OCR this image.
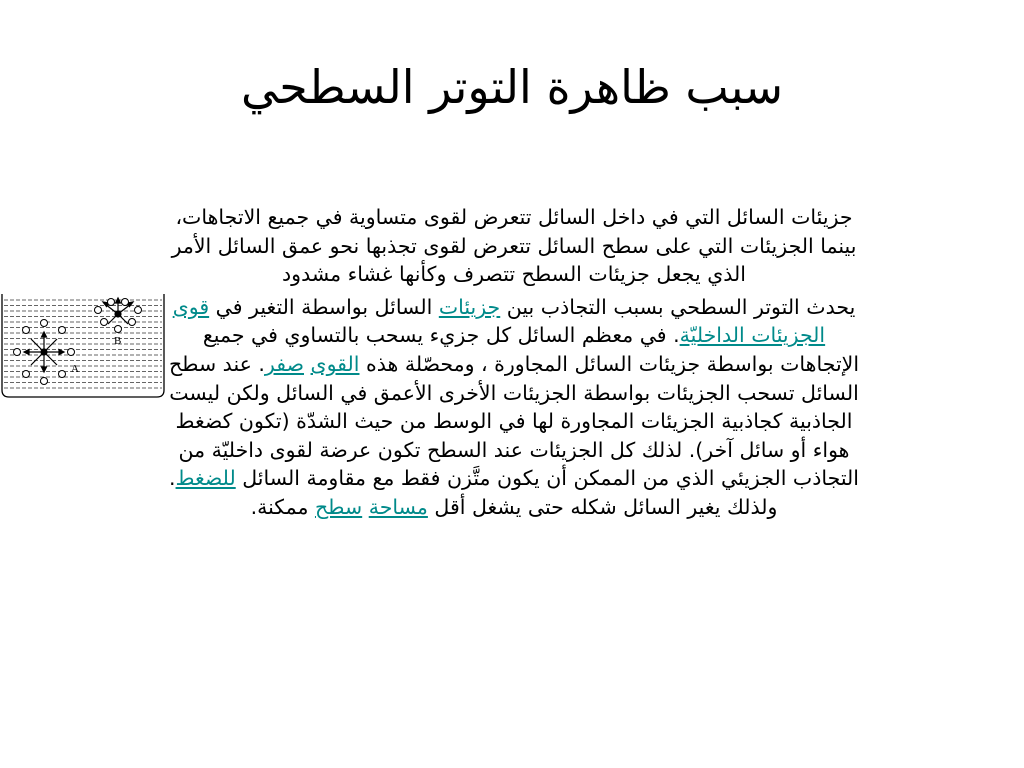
سبب ظاهرة التوتر السطحي
A
B

جزيئات السائل التي في داخل السائل تتعرض لقوى متساوية في جميع الاتجاهات، بينما الجزيئات التي على سطح السائل تتعرض لقوى تجذبها نحو عمق السائل الأمر الذي يجعل جزيئات السطح تتصرف وكأنها غشاء مشدود

يحدث التوتر السطحي بسبب التجاذب بين جزيئات السائل بواسطة التغير في قوى الجزيئات الداخليّة. في معظم السائل كل جزيء يسحب بالتساوي في جميع الإتجاهات بواسطة جزيئات السائل المجاورة ، ومحصّلة هذه القوى صفر. عند سطح السائل تسحب الجزيئات بواسطة الجزيئات الأخرى الأعمق في السائل ولكن ليست الجاذبية كجاذبية الجزيئات المجاورة لها في الوسط من حيث الشدّة (تكون كضغط هواء أو سائل آخر). لذلك كل الجزيئات عند السطح تكون عرضة لقوى داخليّة من التجاذب الجزيئي الذي من الممكن أن يكون متَّزن فقط مع مقاومة السائل للضغط. ولذلك يغير السائل شكله حتى يشغل أقل مساحة سطح ممكنة.
